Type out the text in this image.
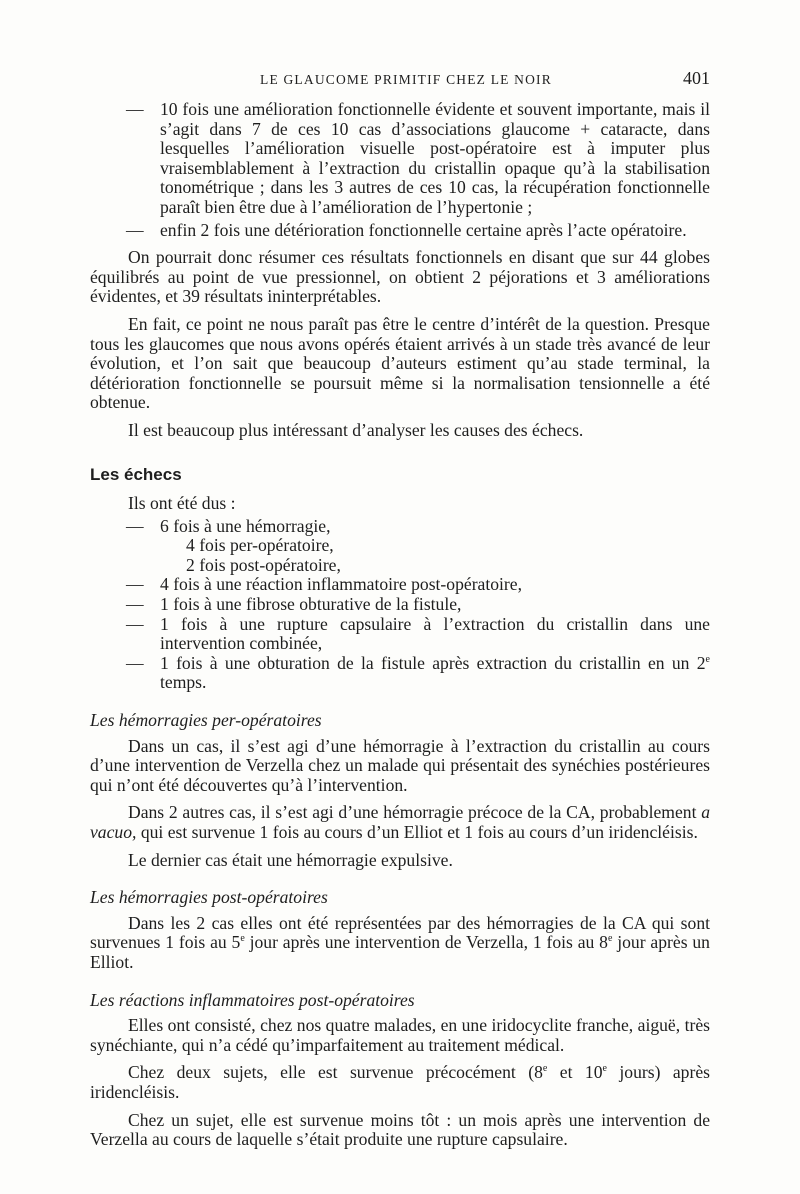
LE GLAUCOME PRIMITIF CHEZ LE NOIR	401
— 10 fois une amélioration fonctionnelle évidente et souvent importante, mais il s’agit dans 7 de ces 10 cas d’associations glaucome + cataracte, dans lesquelles l’amélioration visuelle post-opératoire est à imputer plus vraisemblablement à l’extraction du cristallin opaque qu’à la stabilisation tonométrique ; dans les 3 autres de ces 10 cas, la récupération fonctionnelle paraît bien être due à l’amélioration de l’hypertonie ;
— enfin 2 fois une détérioration fonctionnelle certaine après l’acte opératoire.

On pourrait donc résumer ces résultats fonctionnels en disant que sur 44 globes équilibrés au point de vue pressionnel, on obtient 2 péjorations et 3 améliorations évidentes, et 39 résultats ininterprétables.

En fait, ce point ne nous paraît pas être le centre d’intérêt de la question. Presque tous les glaucomes que nous avons opérés étaient arrivés à un stade très avancé de leur évolution, et l’on sait que beaucoup d’auteurs estiment qu’au stade terminal, la détérioration fonctionnelle se poursuit même si la normalisation tensionnelle a été obtenue.

Il est beaucoup plus intéressant d’analyser les causes des échecs.

Les échecs
Ils ont été dus :
— 6 fois à une hémorragie,
4 fois per-opératoire,
2 fois post-opératoire,
— 4 fois à une réaction inflammatoire post-opératoire,
— 1 fois à une fibrose obturative de la fistule,
— 1 fois à une rupture capsulaire à l’extraction du cristallin dans une intervention combinée,
— 1 fois à une obturation de la fistule après extraction du cristallin en un 2e temps.
Les hémorragies per-opératoires

Dans un cas, il s’est agi d’une hémorragie à l’extraction du cristallin au cours d’une intervention de Verzella chez un malade qui présentait des synéchies postérieures qui n’ont été découvertes qu’à l’intervention.

Dans 2 autres cas, il s’est agi d’une hémorragie précoce de la CA, probablement a vacuo, qui est survenue 1 fois au cours d’un Elliot et 1 fois au cours d’un iridencléisis.

Le dernier cas était une hémorragie expulsive.

Les hémorragies post-opératoires

Dans les 2 cas elles ont été représentées par des hémorragies de la CA qui sont survenues 1 fois au 5e jour après une intervention de Verzella, 1 fois au 8e jour après un Elliot.

Les réactions inflammatoires post-opératoires

Elles ont consisté, chez nos quatre malades, en une iridocyclite franche, aiguë, très synéchiante, qui n’a cédé qu’imparfaitement au traitement médical.

Chez deux sujets, elle est survenue précocément (8e et 10e jours) après iridencléisis.

Chez un sujet, elle est survenue moins tôt : un mois après une intervention de Verzella au cours de laquelle s’était produite une rupture capsulaire.
